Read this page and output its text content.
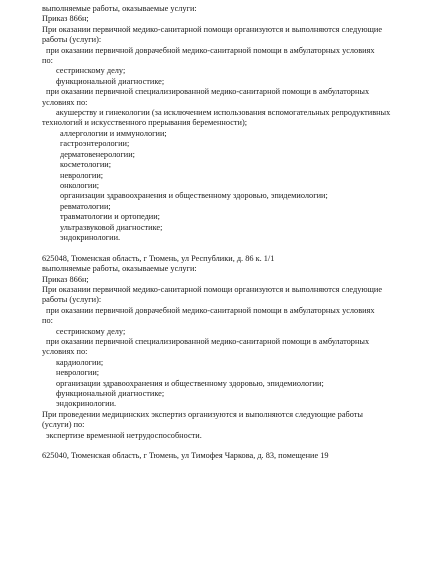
выполняемые работы, оказываемые услуги:
Приказ 866н;
При оказании первичной медико-санитарной помощи организуются и выполняются следующие
работы (услуги):
при оказании первичной доврачебной медико-санитарной помощи в амбулаторных условиях
по:
сестринскому делу;
функциональной диагностике;
при оказании первичной специализированной медико-санитарной помощи в амбулаторных
условиях по:
акушерству и гинекологии (за исключением использования вспомогательных репродуктивных
технологий и искусственного прерывания беременности);
аллергологии и иммунологии;
гастроэнтерологии;
дерматовенерологии;
косметологии;
неврологии;
онкологии;
организации здравоохранения и общественному здоровью, эпидемиологии;
ревматологии;
травматологии и ортопедии;
ультразвуковой диагностике;
эндокринологии.
625048, Тюменская область, г Тюмень, ул Республики, д. 86 к. 1/1
выполняемые работы, оказываемые услуги:
Приказ 866н;
При оказании первичной медико-санитарной помощи организуются и выполняются следующие
работы (услуги):
при оказании первичной доврачебной медико-санитарной помощи в амбулаторных условиях
по:
сестринскому делу;
при оказании первичной специализированной медико-санитарной помощи в амбулаторных
условиях по:
кардиологии;
неврологии;
организации здравоохранения и общественному здоровью, эпидемиологии;
функциональной диагностике;
эндокринологии.
При проведении медицинских экспертиз организуются и выполняются следующие работы
(услуги) по:
экспертизе временной нетрудоспособности.
625040, Тюменская область, г Тюмень, ул Тимофея Чаркова, д. 83, помещение 19
